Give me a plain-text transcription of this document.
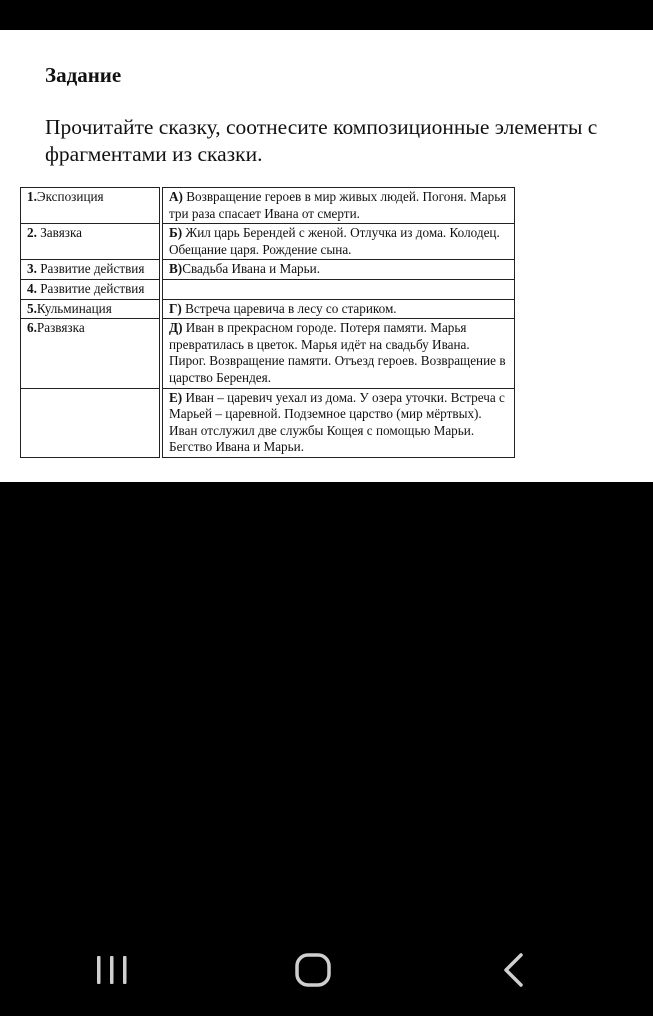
Задание
Прочитайте сказку, соотнесите композиционные элементы с фрагментами из сказки.
1.Экспозиция	А) Возвращение героев в мир живых людей. Погоня. Марья три раза спасает Ивана от смерти.
2. Завязка	Б) Жил царь Берендей с женой. Отлучка из дома. Колодец. Обещание царя. Рождение сына.
3. Развитие действия	В)Свадьба Ивана и Марьи.
4. Развитие действия	
5.Кульминация	Г) Встреча царевича в лесу со стариком.
6.Развязка	Д) Иван в прекрасном городе. Потеря памяти. Марья превратилась в цветок. Марья идёт на свадьбу Ивана. Пирог. Возвращение памяти. Отъезд героев. Возвращение в царство Берендея.
	Е) Иван – царевич уехал из дома. У озера уточки. Встреча с Марьей – царевной. Подземное царство (мир мёртвых). Иван отслужил две службы Кощея с помощью Марьи. Бегство Ивана и Марьи.
